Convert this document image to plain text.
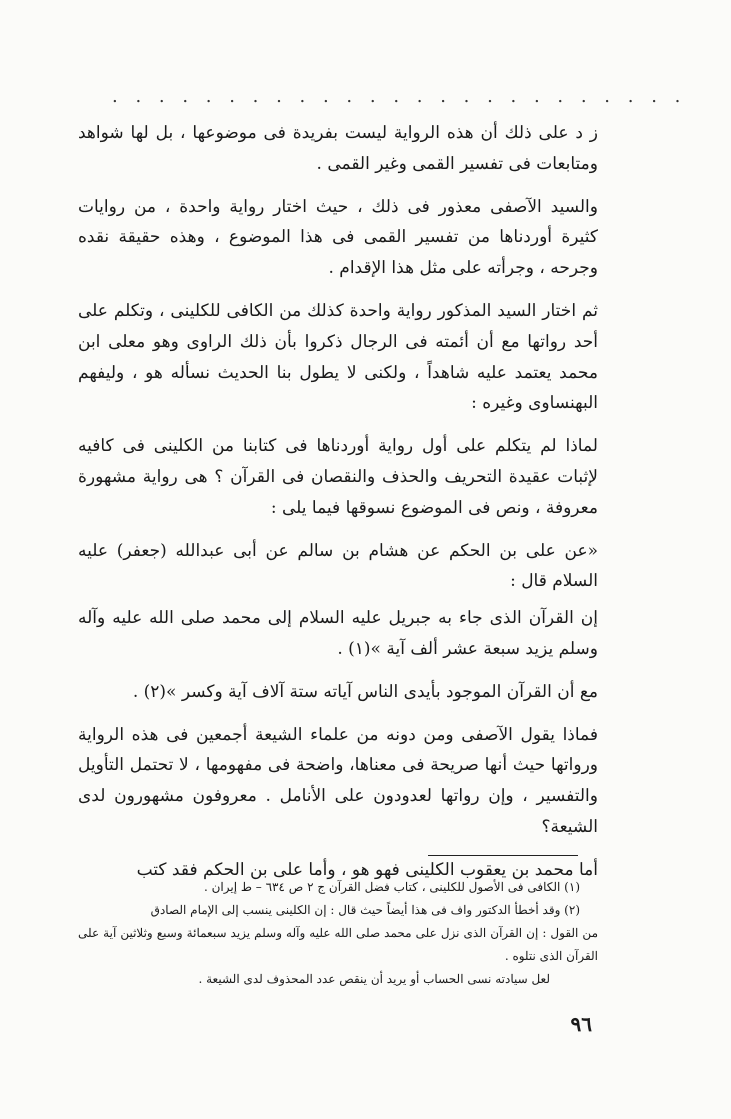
. . . . . . . . . . . . . . . . . . . . . . . . .

ز د على ذلك أن هذه الرواية ليست بفريدة فى موضوعها ، بل لها شواهد ومتابعات فى تفسير القمى وغير القمى .

والسيد الآصفى معذور فى ذلك ، حيث اختار رواية واحدة ، من روايات كثيرة أوردناها من تفسير القمى فى هذا الموضوع ، وهذه حقيقة نقده وجرحه ، وجرأته على مثل هذا الإقدام .

ثم اختار السيد المذكور رواية واحدة كذلك من الكافى للكلينى ، وتكلم على أحد رواتها مع أن أئمته فى الرجال ذكروا بأن ذلك الراوى وهو معلى ابن محمد يعتمد عليه شاهداً ، ولكنى لا يطول بنا الحديث نسأله هو ، وليفهم البهنساوى وغيره :

لماذا لم يتكلم على أول رواية أوردناها فى كتابنا من الكلينى فى كافيه لإثبات عقيدة التحريف والحذف والنقصان فى القرآن ؟ هى رواية مشهورة معروفة ، ونص فى الموضوع نسوقها فيما يلى :

«عن على بن الحكم عن هشام بن سالم عن أبى عبدالله (جعفر) عليه السلام قال :

إن القرآن الذى جاء به جبريل عليه السلام إلى محمد صلى الله عليه وآله وسلم يزيد سبعة عشر ألف آية »(١) .

مع أن القرآن الموجود بأيدى الناس آياته ستة آلاف آية وكسر »(٢) .

فماذا يقول الآصفى ومن دونه من علماء الشيعة أجمعين فى هذه الرواية ورواتها حيث أنها صريحة فى معناها، واضحة فى مفهومها ، لا تحتمل التأويل والتفسير ، وإن رواتها لعدودون على الأنامل . معروفون مشهورون لدى الشيعة؟

أما محمد بن يعقوب الكلينى فهو هو ، وأما على بن الحكم فقد كتب

(١) الكافى فى الأصول للكلينى ، كتاب فضل القرآن ج ٢ ص ٦٣٤ – ط إيران .

(٢) وقد أخطأ الدكتور واف فى هذا أيضاً حيث قال : إن الكلينى ينسب إلى الإمام الصادق

من القول : إن القرآن الذى نزل على محمد صلى الله عليه وآله وسلم يزيد سبعمائة وسبع وثلاثين آية على القرآن الذى نتلوه .

لعل سيادته نسى الحساب أو يريد أن ينقص عدد المحذوف لدى الشيعة .

٩٦
